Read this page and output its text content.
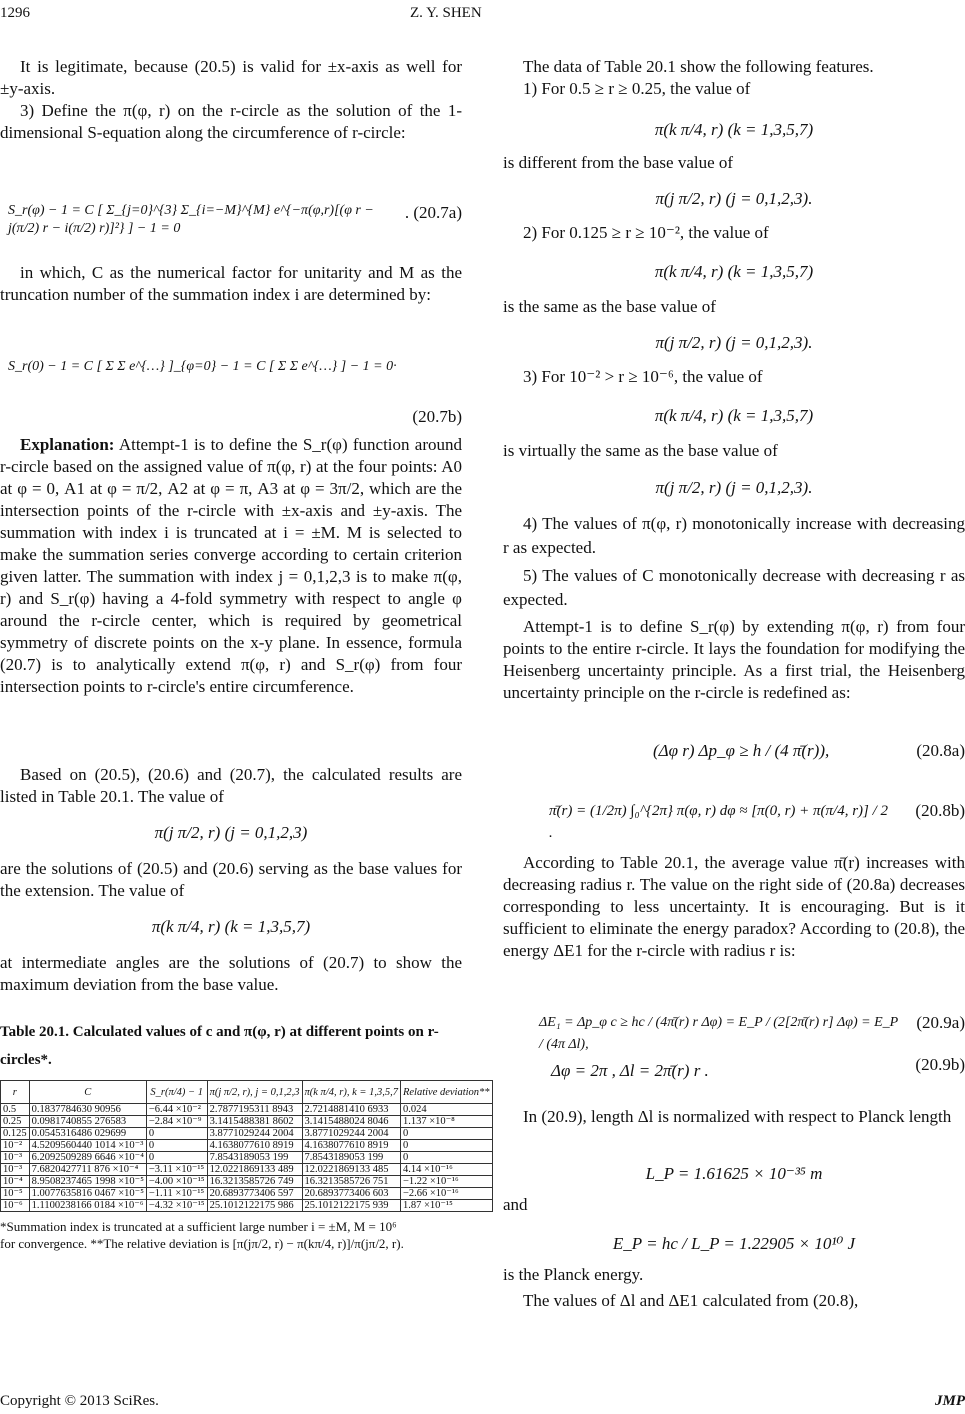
1296	Z. Y. SHEN

It is legitimate, because (20.5) is valid for ±x-axis as well for ±y-axis.

3) Define the π(φ, r) on the r-circle as the solution of the 1-dimensional S-equation along the circumference of r-circle:

S_r(φ) − 1 = C [ Σ_{j=0}^{3} Σ_{i=−M}^{M} e^{−π(φ,r)[(φ r − j(π/2) r − i(π/2) r)]²} ] − 1 = 0
. (20.7a)

in which, C as the numerical factor for unitarity and M as the truncation number of the summation index i are determined by:

S_r(0) − 1 = C [ Σ Σ e^{…} ]_{φ=0} − 1 = C [ Σ Σ e^{…} ] − 1 = 0·
(20.7b)

Explanation: Attempt-1 is to define the S_r(φ) function around r-circle based on the assigned value of π(φ, r) at the four points: A0 at φ = 0, A1 at φ = π/2, A2 at φ = π, A3 at φ = 3π/2, which are the intersection points of the r-circle with ±x-axis and ±y-axis. The summation with index i is truncated at i = ±M. M is selected to make the summation series converge according to certain criterion given latter. The summation with index j = 0,1,2,3 is to make π(φ, r) and S_r(φ) having a 4-fold symmetry with respect to angle φ around the r-circle center, which is required by geometrical symmetry of discrete points on the x-y plane. In essence, formula (20.7) is to analytically extend π(φ, r) and S_r(φ) from four intersection points to r-circle's entire circumference.

Based on (20.5), (20.6) and (20.7), the calculated results are listed in Table 20.1. The value of

π(j π/2, r) (j = 0,1,2,3)

are the solutions of (20.5) and (20.6) serving as the base values for the extension. The value of

π(k π/4, r) (k = 1,3,5,7)

at intermediate angles are the solutions of (20.7) to show the maximum deviation from the base value.

Table 20.1. Calculated values of c and π(φ, r) at different points on r-circles*.

r	C	S_r(π/4) − 1	π(j π/2, r), j = 0,1,2,3	π(k π/4, r), k = 1,3,5,7	Relative deviation**
0.5	0.1837784630 90956	−6.44 ×10⁻²	2.7877195311 8943	2.7214881410 6933	0.024
0.25	0.0981740855 276583	−2.84 ×10⁻⁹	3.1415488381 8602	3.1415488024 8046	1.137 ×10⁻⁸
0.125	0.0545316486 029699	0	3.8771029244 2004	3.8771029244 2004	0
10⁻²	4.5209560440 1014 ×10⁻³	0	4.1638077610 8919	4.1638077610 8919	0
10⁻³	6.2092509289 6646 ×10⁻⁴	0	7.8543189053 199	7.8543189053 199	0
10⁻³	7.6820427711 876 ×10⁻⁴	−3.11 ×10⁻¹⁵	12.0221869133 489	12.0221869133 485	4.14 ×10⁻¹⁶
10⁻⁴	8.9508237465 1998 ×10⁻⁵	−4.00 ×10⁻¹⁵	16.3213585726 749	16.3213585726 751	−1.22 ×10⁻¹⁶
10⁻⁵	1.0077635816 0467 ×10⁻⁵	−1.11 ×10⁻¹⁵	20.6893773406 597	20.6893773406 603	−2.66 ×10⁻¹⁶
10⁻⁶	1.1100238166 0184 ×10⁻⁶	−4.32 ×10⁻¹⁵	25.1012122175 986	25.1012122175 939	1.87 ×10⁻¹⁵
*Summation index is truncated at a sufficient large number i = ±M, M = 10⁶
for convergence. **The relative deviation is [π(jπ/2, r) − π(kπ/4, r)]/π(jπ/2, r).

The data of Table 20.1 show the following features.

1) For 0.5 ≥ r ≥ 0.25, the value of

π(k π/4, r) (k = 1,3,5,7)

is different from the base value of

π(j π/2, r) (j = 0,1,2,3).

2) For 0.125 ≥ r ≥ 10⁻², the value of

π(k π/4, r) (k = 1,3,5,7)

is the same as the base value of

π(j π/2, r) (j = 0,1,2,3).

3) For 10⁻² > r ≥ 10⁻⁶, the value of

π(k π/4, r) (k = 1,3,5,7)

is virtually the same as the base value of

π(j π/2, r) (j = 0,1,2,3).

4) The values of π(φ, r) monotonically increase with decreasing r as expected.

5) The values of C monotonically decrease with decreasing r as expected.

Attempt-1 is to define S_r(φ) by extending π(φ, r) from four points to the entire r-circle. It lays the foundation for modifying the Heisenberg uncertainty principle. As a first trial, the Heisenberg uncertainty principle on the r-circle is redefined as:

(Δφ r) Δp_φ ≥ h / (4 π̄(r)),	(20.8a)
π̄(r) = (1/2π) ∫₀^{2π} π(φ, r) dφ ≈ [π(0, r) + π(π/4, r)] / 2 .
(20.8b)

According to Table 20.1, the average value π̄(r) increases with decreasing radius r. The value on the right side of (20.8a) decreases corresponding to less uncertainty. It is encouraging. But is it sufficient to eliminate the energy paradox? According to (20.8), the energy ΔE1 for the r-circle with radius r is:

ΔE₁ = Δp_φ c ≥ hc / (4π̄(r) r Δφ) = E_P / (2[2π̄(r) r] Δφ) = E_P / (4π Δl),
(20.9a)
Δφ = 2π , Δl = 2π̄(r) r .	(20.9b)

In (20.9), length Δl is normalized with respect to Planck length

L_P = 1.61625 × 10⁻³⁵ m

and

E_P = hc / L_P = 1.22905 × 10¹⁰ J

is the Planck energy.

The values of Δl and ΔE1 calculated from (20.8),

Copyright © 2013 SciRes.	JMP
